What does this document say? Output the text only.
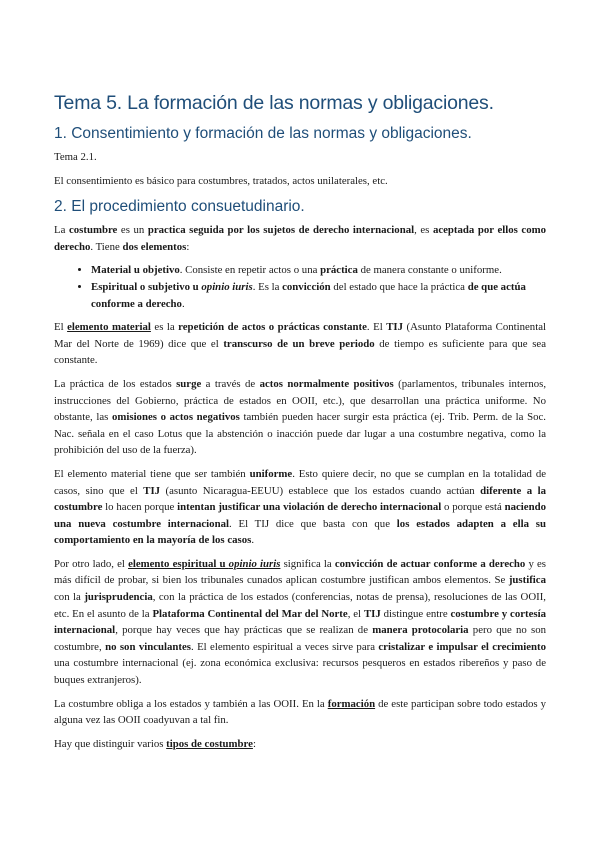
Tema 5. La formación de las normas y obligaciones.
1. Consentimiento y formación de las normas y obligaciones.

Tema 2.1.

El consentimiento es básico para costumbres, tratados, actos unilaterales, etc.

2. El procedimiento consuetudinario.

La costumbre es un practica seguida por los sujetos de derecho internacional, es aceptada por ellos como derecho. Tiene dos elementos:

• Material u objetivo. Consiste en repetir actos o una práctica de manera constante o uniforme.
• Espiritual o subjetivo u opinio iuris. Es la convicción del estado que hace la práctica de que actúa conforme a derecho.

El elemento material es la repetición de actos o prácticas constante. El TIJ (Asunto Plataforma Continental Mar del Norte de 1969) dice que el transcurso de un breve periodo de tiempo es suficiente para que sea constante.

La práctica de los estados surge a través de actos normalmente positivos (parlamentos, tribunales internos, instrucciones del Gobierno, práctica de estados en OOII, etc.), que desarrollan una práctica uniforme. No obstante, las omisiones o actos negativos también pueden hacer surgir esta práctica (ej. Trib. Perm. de la Soc. Nac. señala en el caso Lotus que la abstención o inacción puede dar lugar a una costumbre negativa, como la prohibición del uso de la fuerza).

El elemento material tiene que ser también uniforme. Esto quiere decir, no que se cumplan en la totalidad de casos, sino que el TIJ (asunto Nicaragua-EEUU) establece que los estados cuando actúan diferente a la costumbre lo hacen porque intentan justificar una violación de derecho internacional o porque está naciendo una nueva costumbre internacional. El TIJ dice que basta con que los estados adapten a ella su comportamiento en la mayoría de los casos.

Por otro lado, el elemento espiritual u opinio iuris significa la convicción de actuar conforme a derecho y es más difícil de probar, si bien los tribunales cunados aplican costumbre justifican ambos elementos. Se justifica con la jurisprudencia, con la práctica de los estados (conferencias, notas de prensa), resoluciones de las OOII, etc. En el asunto de la Plataforma Continental del Mar del Norte, el TIJ distingue entre costumbre y cortesía internacional, porque hay veces que hay prácticas que se realizan de manera protocolaria pero que no son costumbre, no son vinculantes. El elemento espiritual a veces sirve para cristalizar e impulsar el crecimiento una costumbre internacional (ej. zona económica exclusiva: recursos pesqueros en estados ribereños y paso de buques extranjeros).

La costumbre obliga a los estados y también a las OOII. En la formación de este participan sobre todo estados y alguna vez las OOII coadyuvan a tal fin.

Hay que distinguir varios tipos de costumbre:
